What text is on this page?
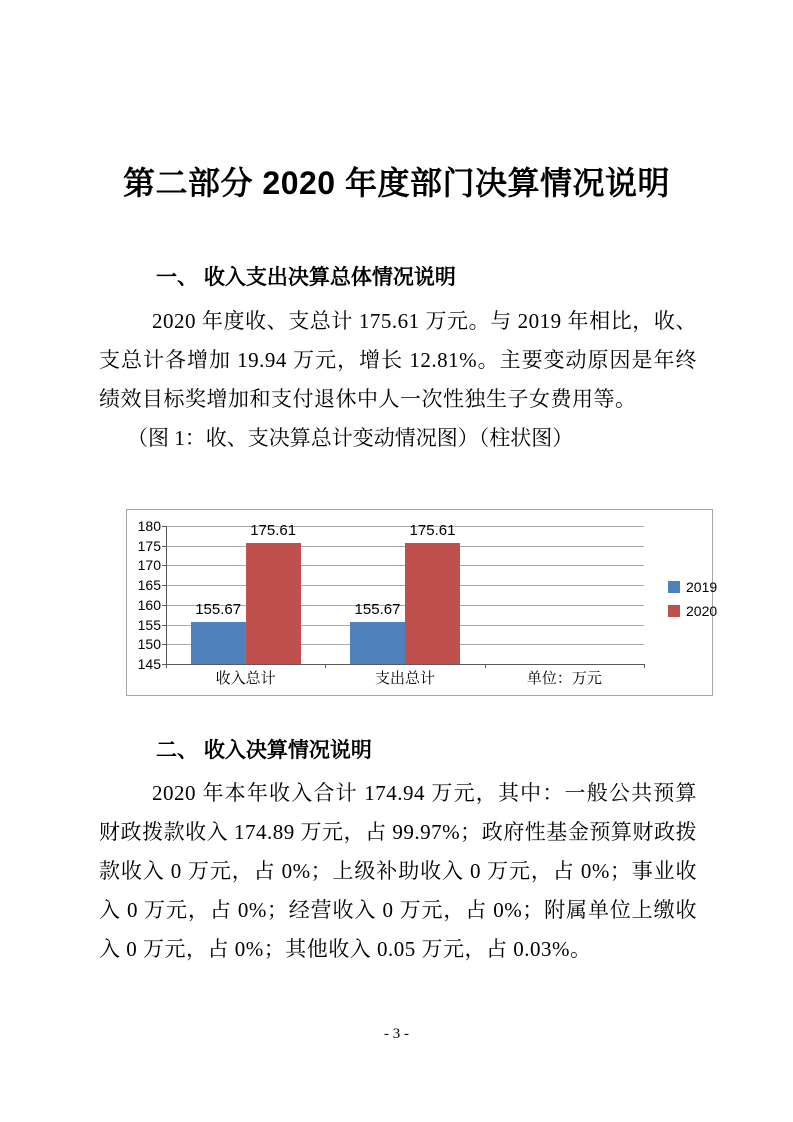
第二部分 2020 年度部门决算情况说明
一、 收入支出决算总体情况说明

2020 年度收、支总计 175.61 万元。与 2019 年相比，收、支总计各增加 19.94 万元，增长 12.81%。主要变动原因是年终绩效目标奖增加和支付退休中人一次性独生子女费用等。

（图 1：收、支决算总计变动情况图）（柱状图）

145
150
155
160
165
170
175
180
155.67
175.61
收入总计
155.67
175.61
支出总计	单位：万元
2019
2020
二、 收入决算情况说明

2020 年本年收入合计 174.94 万元，其中：一般公共预算财政拨款收入 174.89 万元，占 99.97%；政府性基金预算财政拨款收入 0 万元，占 0%；上级补助收入 0 万元，占 0%；事业收入 0 万元，占 0%；经营收入 0 万元，占 0%；附属单位上缴收入 0 万元，占 0%；其他收入 0.05 万元，占 0.03%。

- 3 -
